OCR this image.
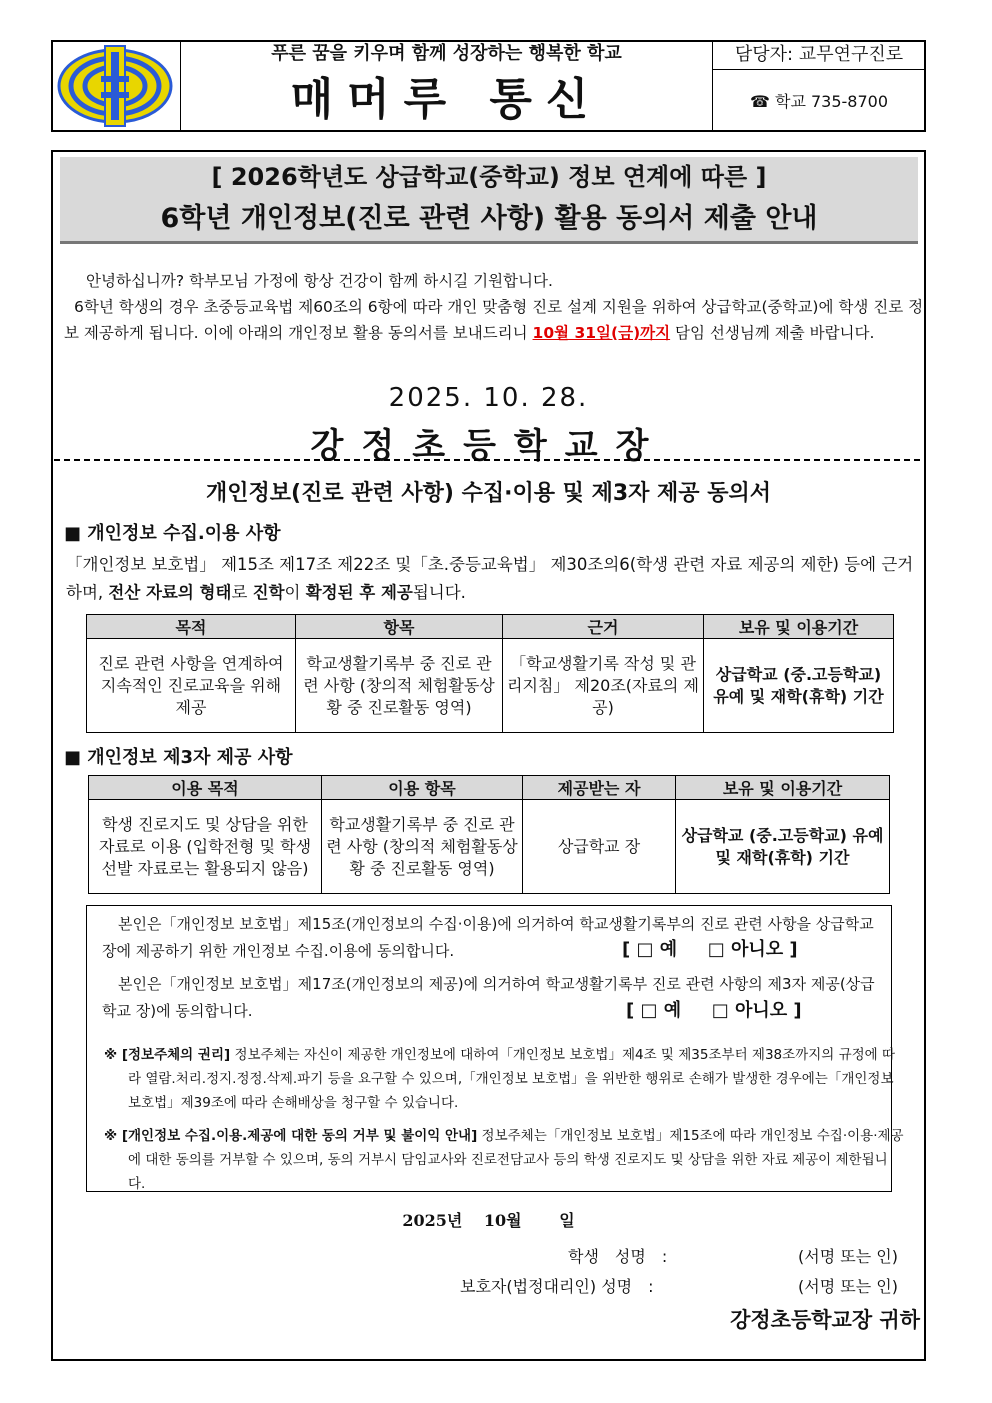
푸른 꿈을 키우며 함께 성장하는 행복한 학교
매머루 통신
담당자: 교무연구진로
☎ 학교 735-8700
[ 2026학년도 상급학교(중학교) 정보 연계에 따른 ]
6학년 개인정보(진로 관련 사항) 활용 동의서 제출 안내

안녕하십니까? 학부모님 가정에 항상 건강이 함께 하시길 기원합니다.

6학년 학생의 경우 초중등교육법 제60조의 6항에 따라 개인 맞춤형 진로 설계 지원을 위하여 상급학교(중학교)에 학생 진로 정보 제공하게 됩니다. 이에 아래의 개인정보 활용 동의서를 보내드리니 10월 31일(금)까지 담임 선생님께 제출 바랍니다.

2025. 10. 28.
강정초등학교장
개인정보(진로 관련 사항) 수집·이용 및 제3자 제공 동의서
■ 개인정보 수집.이용 사항
「개인정보 보호법」 제15조 제17조 제22조 및「초.중등교육법」 제30조의6(학생 관련 자료 제공의 제한) 등에 근거하며, 전산 자료의 형태로 진학이 확정된 후 제공됩니다.
목적	항목	근거	보유 및 이용기간
진로 관련 사항을 연계하여 지속적인 진로교육을 위해 제공	학교생활기록부 중 진로 관련 사항 (창의적 체험활동상황 중 진로활동 영역)	「학교생활기록 작성 및 관리지침」 제20조(자료의 제공)	상급학교 (중.고등학교) 유예 및 재학(휴학) 기간
■ 개인정보 제3자 제공 사항
이용 목적	이용 항목	제공받는 자	보유 및 이용기간
학생 진로지도 및 상담을 위한 자료로 이용 (입학전형 및 학생선발 자료로는 활용되지 않음)	학교생활기록부 중 진로 관련 사항 (창의적 체험활동상황 중 진로활동 영역)	상급학교 장	상급학교 (중.고등학교) 유예 및 재학(휴학) 기간
본인은「개인정보 보호법」제15조(개인정보의 수집·이용)에 의거하여 학교생활기록부의 진로 관련 사항을 상급학교 장에 제공하기 위한 개인정보 수집.이용에 동의합니다.	[ □ 예 　 □ 아니오 ]
본인은「개인정보 보호법」제17조(개인정보의 제공)에 의거하여 학교생활기록부 진로 관련 사항의 제3자 제공(상급학교 장)에 동의합니다.	[ □ 예 　 □ 아니오 ]
※ [정보주체의 권리] 정보주체는 자신이 제공한 개인정보에 대하여「개인정보 보호법」제4조 및 제35조부터 제38조까지의 규정에 따라 열람.처리.정지.정정.삭제.파기 등을 요구할 수 있으며,「개인정보 보호법」을 위반한 행위로 손해가 발생한 경우에는「개인정보 보호법」제39조에 따라 손해배상을 청구할 수 있습니다.
※ [개인정보 수집.이용.제공에 대한 동의 거부 및 불이익 안내] 정보주체는「개인정보 보호법」제15조에 따라 개인정보 수집·이용·제공에 대한 동의를 거부할 수 있으며, 동의 거부시 담임교사와 진로전담교사 등의 학생 진로지도 및 상담을 위한 자료 제공이 제한됩니다.
2025년　 10월　 　일
학생　성명　:	(서명 또는 인)
보호자(법정대리인) 성명　:	(서명 또는 인)
강정초등학교장 귀하
